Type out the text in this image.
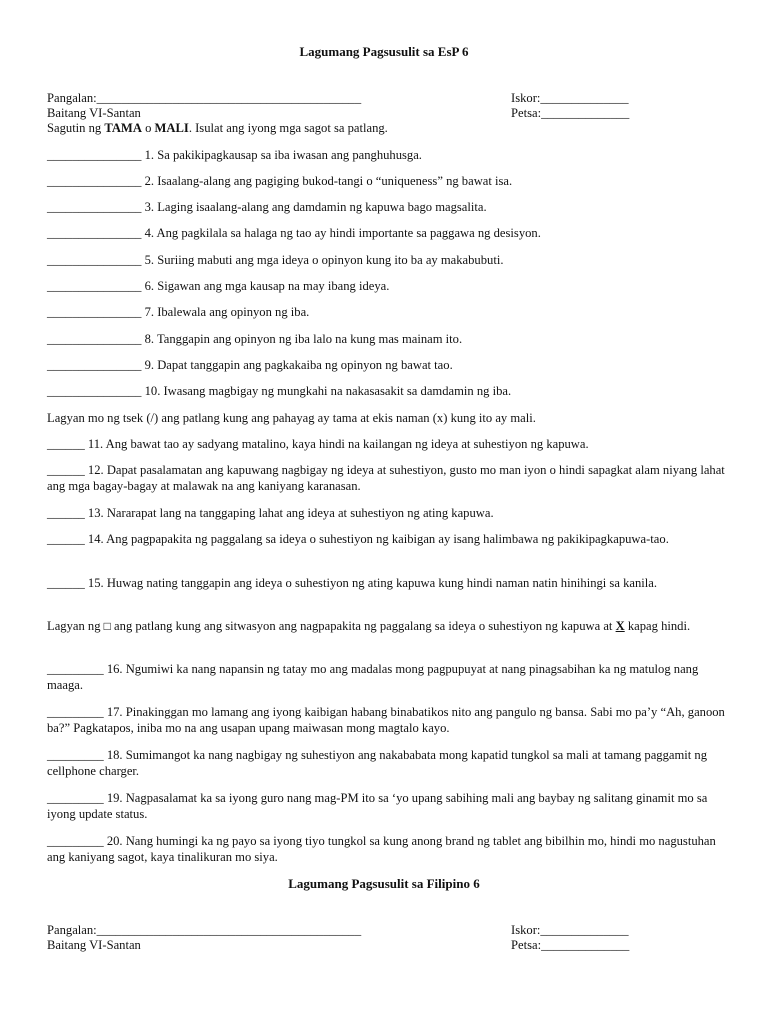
Lagumang Pagsusulit sa EsP 6
Pangalan:__________________________________________	Iskor:______________
Baitang VI-Santan	Petsa:______________
Sagutin ng TAMA o MALI. Isulat ang iyong mga sagot sa patlang.
_______________ 1. Sa pakikipagkausap sa iba iwasan ang panghuhusga.
_______________ 2. Isaalang-alang ang pagiging bukod-tangi o “uniqueness” ng bawat isa.
_______________ 3. Laging isaalang-alang ang damdamin ng kapuwa bago magsalita.
_______________ 4. Ang pagkilala sa halaga ng tao ay hindi importante sa paggawa ng desisyon.
_______________ 5. Suriing mabuti ang mga ideya o opinyon kung ito ba ay makabubuti.
_______________ 6. Sigawan ang mga kausap na may ibang ideya.
_______________ 7. Ibalewala ang opinyon ng iba.
_______________ 8. Tanggapin ang opinyon ng iba lalo na kung mas mainam ito.
_______________ 9. Dapat tanggapin ang pagkakaiba ng opinyon ng bawat tao.
_______________ 10. Iwasang magbigay ng mungkahi na nakasasakit sa damdamin ng iba.
Lagyan mo ng tsek (/) ang patlang kung ang pahayag ay tama at ekis naman (x) kung ito ay mali.
______ 11. Ang bawat tao ay sadyang matalino, kaya hindi na kailangan ng ideya at suhestiyon ng kapuwa.
______ 12. Dapat pasalamatan ang kapuwang nagbigay ng ideya at suhestiyon, gusto mo man iyon o hindi sapagkat alam niyang lahat ang mga bagay-bagay at malawak na ang kaniyang karanasan.
______ 13. Nararapat lang na tanggaping lahat ang ideya at suhestiyon ng ating kapuwa.
______ 14. Ang pagpapakita ng paggalang sa ideya o suhestiyon ng kaibigan ay isang halimbawa ng pakikipagkapuwa-tao.
______ 15. Huwag nating tanggapin ang ideya o suhestiyon ng ating kapuwa kung hindi naman natin hinihingi sa kanila.
Lagyan ng □ ang patlang kung ang sitwasyon ang nagpapakita ng paggalang sa ideya o suhestiyon ng kapuwa at X kapag hindi.
_________ 16. Ngumiwi ka nang napansin ng tatay mo ang madalas mong pagpupuyat at nang pinagsabihan ka ng matulog nang maaga.
_________ 17. Pinakinggan mo lamang ang iyong kaibigan habang binabatikos nito ang pangulo ng bansa. Sabi mo pa’y “Ah, ganoon ba?” Pagkatapos, iniba mo na ang usapan upang maiwasan mong magtalo kayo.
_________ 18. Sumimangot ka nang nagbigay ng suhestiyon ang nakababata mong kapatid tungkol sa mali at tamang paggamit ng cellphone charger.
_________ 19. Nagpasalamat ka sa iyong guro nang mag-PM ito sa ‘yo upang sabihing mali ang baybay ng salitang ginamit mo sa iyong update status.
_________ 20. Nang humingi ka ng payo sa iyong tiyo tungkol sa kung anong brand ng tablet ang bibilhin mo, hindi mo nagustuhan ang kaniyang sagot, kaya tinalikuran mo siya.
Lagumang Pagsusulit sa Filipino 6
Pangalan:__________________________________________	Iskor:______________
Baitang VI-Santan	Petsa:______________
